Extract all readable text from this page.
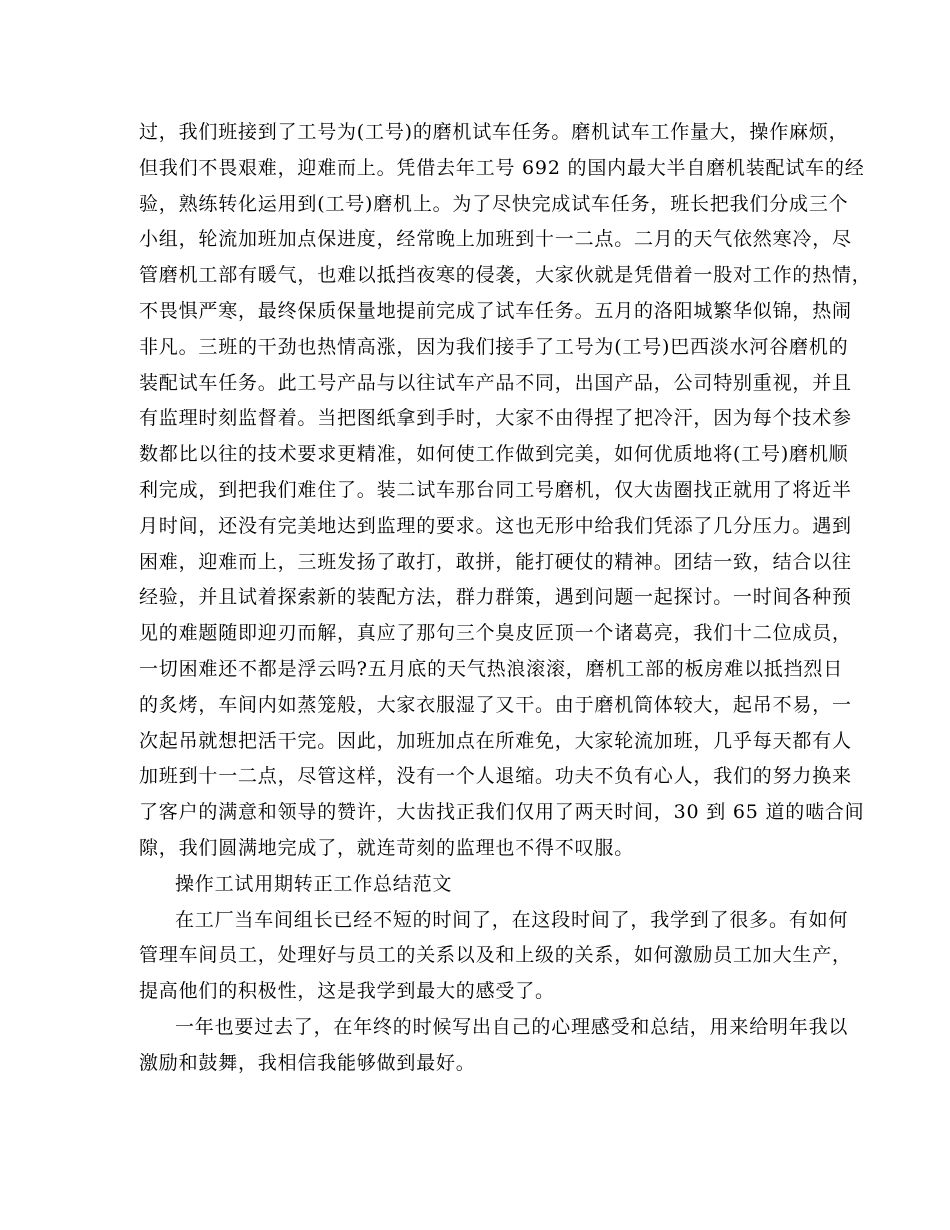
过，我们班接到了工号为(工号)的磨机试车任务。磨机试车工作量大，操作麻烦，
但我们不畏艰难，迎难而上。凭借去年工号 692 的国内最大半自磨机装配试车的经
验，熟练转化运用到(工号)磨机上。为了尽快完成试车任务，班长把我们分成三个
小组，轮流加班加点保进度，经常晚上加班到十一二点。二月的天气依然寒冷，尽
管磨机工部有暖气，也难以抵挡夜寒的侵袭，大家伙就是凭借着一股对工作的热情，
不畏惧严寒，最终保质保量地提前完成了试车任务。五月的洛阳城繁华似锦，热闹
非凡。三班的干劲也热情高涨，因为我们接手了工号为(工号)巴西淡水河谷磨机的
装配试车任务。此工号产品与以往试车产品不同，出国产品，公司特别重视，并且
有监理时刻监督着。当把图纸拿到手时，大家不由得捏了把冷汗，因为每个技术参
数都比以往的技术要求更精准，如何使工作做到完美，如何优质地将(工号)磨机顺
利完成，到把我们难住了。装二试车那台同工号磨机，仅大齿圈找正就用了将近半
月时间，还没有完美地达到监理的要求。这也无形中给我们凭添了几分压力。遇到
困难，迎难而上，三班发扬了敢打，敢拼，能打硬仗的精神。团结一致，结合以往
经验，并且试着探索新的装配方法，群力群策，遇到问题一起探讨。一时间各种预
见的难题随即迎刃而解，真应了那句三个臭皮匠顶一个诸葛亮，我们十二位成员，
一切困难还不都是浮云吗?五月底的天气热浪滚滚，磨机工部的板房难以抵挡烈日
的炙烤，车间内如蒸笼般，大家衣服湿了又干。由于磨机筒体较大，起吊不易，一
次起吊就想把活干完。因此，加班加点在所难免，大家轮流加班，几乎每天都有人
加班到十一二点，尽管这样，没有一个人退缩。功夫不负有心人，我们的努力换来
了客户的满意和领导的赞许，大齿找正我们仅用了两天时间，30 到 65 道的啮合间
隙，我们圆满地完成了，就连苛刻的监理也不得不叹服。
操作工试用期转正工作总结范文
在工厂当车间组长已经不短的时间了，在这段时间了，我学到了很多。有如何
管理车间员工，处理好与员工的关系以及和上级的关系，如何激励员工加大生产，
提高他们的积极性，这是我学到最大的感受了。
一年也要过去了，在年终的时候写出自己的心理感受和总结，用来给明年我以
激励和鼓舞，我相信我能够做到最好。
